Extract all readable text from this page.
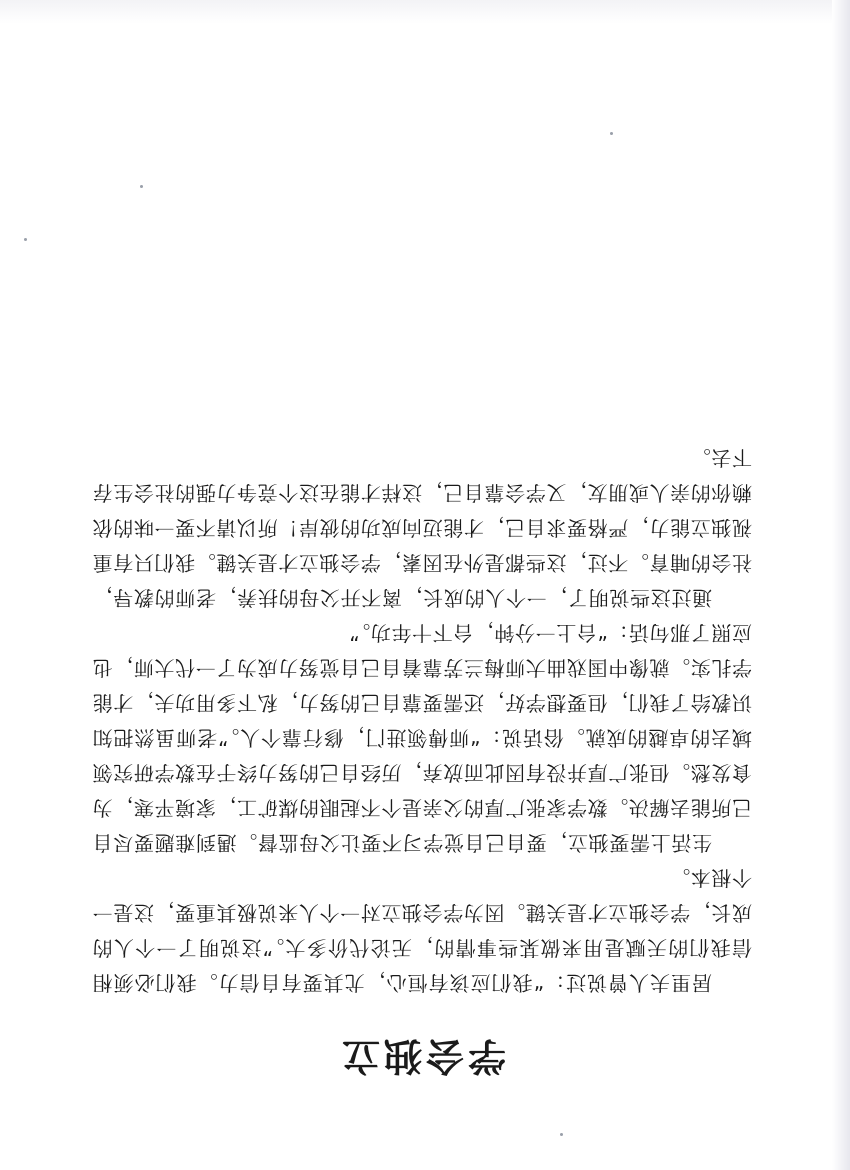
学会独立

居里夫人曾说过：“我们应该有恒心，尤其要有自信力。我们必须相信我们的天赋是用来做某些事情的，无论代价多大。”这说明了一个人的成长，学会独立才是关键。因为学会独立对一个人来说极其重要，这是一个根本。

生活上需要独立，要自己自觉学习不要让父母监督。遇到难题要尽自己所能去解决。数学家张广厚的父亲是个不起眼的煤矿工，家境平寒，为食发愁。但张广厚并没有因此而放弃，历经自己的努力终于在数学研究领域去的卓越的成就。俗话说：“师傅领进门，修行靠个人。”老师虽然把知识教给了我们，但要想学好，还需要靠自己的努力，私下多用功夫，才能学扎实。就像中国戏曲大师梅兰芳靠着自己自觉努力成为了一代大师，也应照了那句话：“台上一分钟，台下十年功。”

通过这些说明了，一个人的成长，离不开父母的扶养，老师的教导，社会的哺育。不过，这些都是外在因素，学会独立才是关键。我们只有重视独立能力，严格要求自己，才能迈向成功的彼岸！所以请不要一味的依赖你的亲人或朋友，又学会靠自己，这样才能在这个竞争力强的社会生存下去。
